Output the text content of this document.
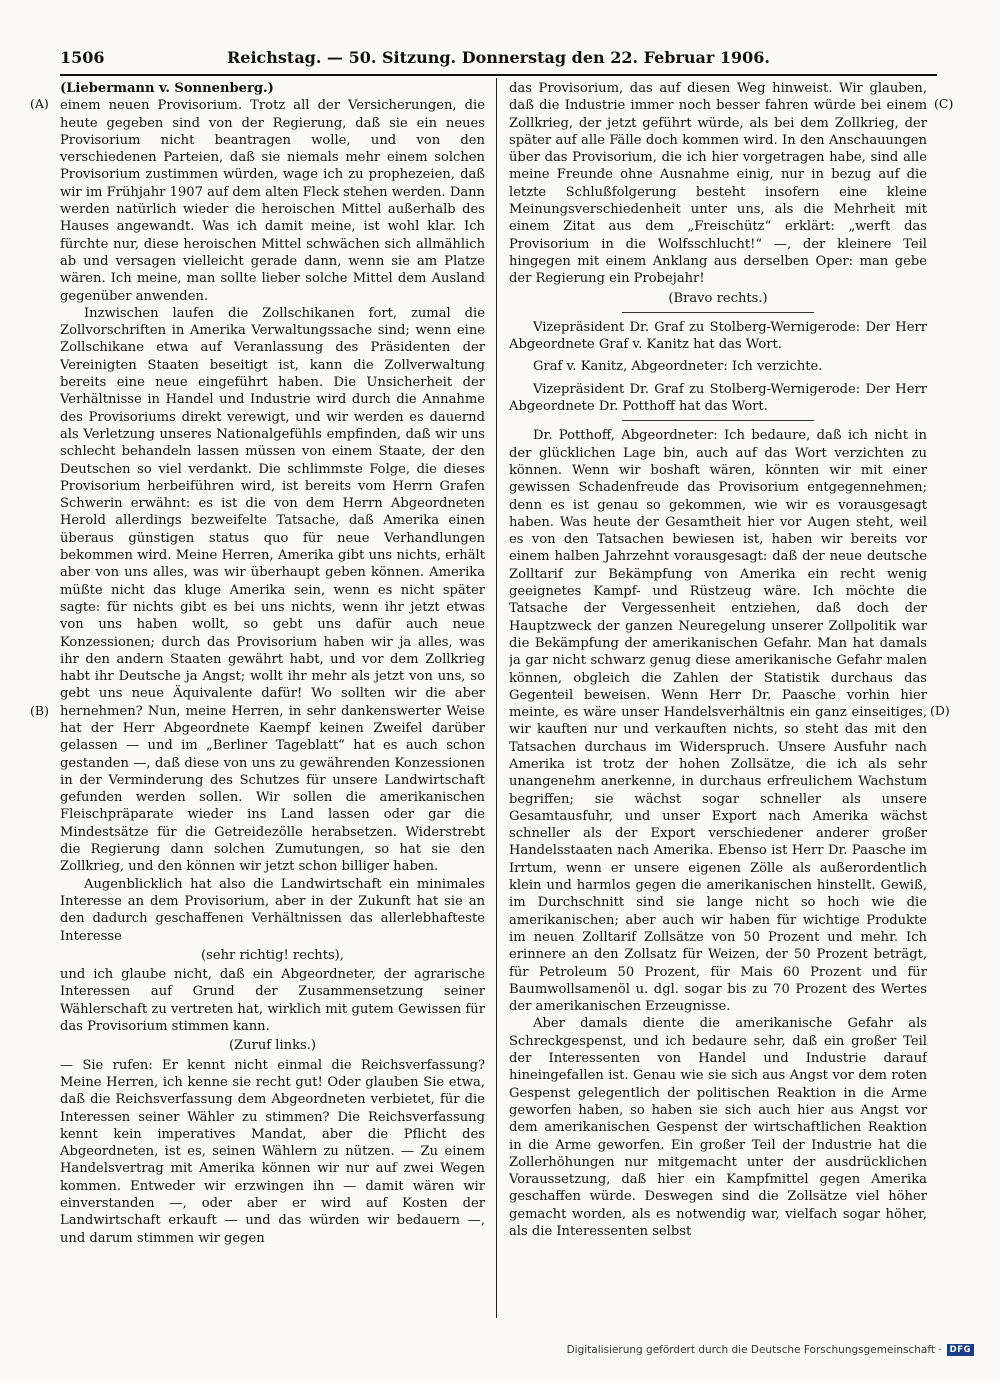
1506	Reichstag. — 50. Sitzung. Donnerstag den 22. Februar 1906.
(A)
(B)
(C)
(D)

(Liebermann v. Sonnenberg.)

einem neuen Provisorium. Trotz all der Versicherungen, die heute gegeben sind von der Regierung, daß sie ein neues Provisorium nicht beantragen wolle, und von den verschiedenen Parteien, daß sie niemals mehr einem solchen Provisorium zustimmen würden, wage ich zu prophezeien, daß wir im Frühjahr 1907 auf dem alten Fleck stehen werden. Dann werden natürlich wieder die heroischen Mittel außerhalb des Hauses angewandt. Was ich damit meine, ist wohl klar. Ich fürchte nur, diese heroischen Mittel schwächen sich allmählich ab und versagen vielleicht gerade dann, wenn sie am Platze wären. Ich meine, man sollte lieber solche Mittel dem Ausland gegenüber anwenden.

Inzwischen laufen die Zollschikanen fort, zumal die Zollvorschriften in Amerika Verwaltungssache sind; wenn eine Zollschikane etwa auf Veranlassung des Präsidenten der Vereinigten Staaten beseitigt ist, kann die Zollverwaltung bereits eine neue eingeführt haben. Die Unsicherheit der Verhältnisse in Handel und Industrie wird durch die Annahme des Provisoriums direkt verewigt, und wir werden es dauernd als Verletzung unseres Nationalgefühls empfinden, daß wir uns schlecht behandeln lassen müssen von einem Staate, der den Deutschen so viel verdankt. Die schlimmste Folge, die dieses Provisorium herbeiführen wird, ist bereits vom Herrn Grafen Schwerin erwähnt: es ist die von dem Herrn Abgeordneten Herold allerdings bezweifelte Tatsache, daß Amerika einen überaus günstigen status quo für neue Verhandlungen bekommen wird. Meine Herren, Amerika gibt uns nichts, erhält aber von uns alles, was wir überhaupt geben können. Amerika müßte nicht das kluge Amerika sein, wenn es nicht später sagte: für nichts gibt es bei uns nichts, wenn ihr jetzt etwas von uns haben wollt, so gebt uns dafür auch neue Konzessionen; durch das Provisorium haben wir ja alles, was ihr den andern Staaten gewährt habt, und vor dem Zollkrieg habt ihr Deutsche ja Angst; wollt ihr mehr als jetzt von uns, so gebt uns neue Äquivalente dafür! Wo sollten wir die aber hernehmen? Nun, meine Herren, in sehr dankenswerter Weise hat der Herr Abgeordnete Kaempf keinen Zweifel darüber gelassen — und im „Berliner Tageblatt“ hat es auch schon gestanden —, daß diese von uns zu gewährenden Konzessionen in der Verminderung des Schutzes für unsere Landwirtschaft gefunden werden sollen. Wir sollen die amerikanischen Fleischpräparate wieder ins Land lassen oder gar die Mindestsätze für die Getreidezölle herabsetzen. Widerstrebt die Regierung dann solchen Zumutungen, so hat sie den Zollkrieg, und den können wir jetzt schon billiger haben.

Augenblicklich hat also die Landwirtschaft ein minimales Interesse an dem Provisorium, aber in der Zukunft hat sie an den dadurch geschaffenen Verhältnissen das allerlebhafteste Interesse

(sehr richtig! rechts),

und ich glaube nicht, daß ein Abgeordneter, der agrarische Interessen auf Grund der Zusammensetzung seiner Wählerschaft zu vertreten hat, wirklich mit gutem Gewissen für das Provisorium stimmen kann.

(Zuruf links.)

— Sie rufen: Er kennt nicht einmal die Reichsverfassung? Meine Herren, ich kenne sie recht gut! Oder glauben Sie etwa, daß die Reichsverfassung dem Abgeordneten verbietet, für die Interessen seiner Wähler zu stimmen? Die Reichsverfassung kennt kein imperatives Mandat, aber die Pflicht des Abgeordneten, ist es, seinen Wählern zu nützen. — Zu einem Handelsvertrag mit Amerika können wir nur auf zwei Wegen kommen. Entweder wir erzwingen ihn — damit wären wir einverstanden —, oder aber er wird auf Kosten der Landwirtschaft erkauft — und das würden wir bedauern —, und darum stimmen wir gegen

das Provisorium, das auf diesen Weg hinweist. Wir glauben, daß die Industrie immer noch besser fahren würde bei einem Zollkrieg, der jetzt geführt würde, als bei dem Zollkrieg, der später auf alle Fälle doch kommen wird. In den Anschauungen über das Provisorium, die ich hier vorgetragen habe, sind alle meine Freunde ohne Ausnahme einig, nur in bezug auf die letzte Schlußfolgerung besteht insofern eine kleine Meinungsverschiedenheit unter uns, als die Mehrheit mit einem Zitat aus dem „Freischütz“ erklärt: „werft das Provisorium in die Wolfsschlucht!“ —, der kleinere Teil hingegen mit einem Anklang aus derselben Oper: man gebe der Regierung ein Probejahr!

(Bravo rechts.)

Vizepräsident Dr. Graf zu Stolberg-Wernigerode: Der Herr Abgeordnete Graf v. Kanitz hat das Wort.

Graf v. Kanitz, Abgeordneter: Ich verzichte.

Vizepräsident Dr. Graf zu Stolberg-Wernigerode: Der Herr Abgeordnete Dr. Potthoff hat das Wort.

Dr. Potthoff, Abgeordneter: Ich bedaure, daß ich nicht in der glücklichen Lage bin, auch auf das Wort verzichten zu können. Wenn wir boshaft wären, könnten wir mit einer gewissen Schadenfreude das Provisorium entgegennehmen; denn es ist genau so gekommen, wie wir es vorausgesagt haben. Was heute der Gesamtheit hier vor Augen steht, weil es von den Tatsachen bewiesen ist, haben wir bereits vor einem halben Jahrzehnt vorausgesagt: daß der neue deutsche Zolltarif zur Bekämpfung von Amerika ein recht wenig geeignetes Kampf- und Rüstzeug wäre. Ich möchte die Tatsache der Vergessenheit entziehen, daß doch der Hauptzweck der ganzen Neuregelung unserer Zollpolitik war die Bekämpfung der amerikanischen Gefahr. Man hat damals ja gar nicht schwarz genug diese amerikanische Gefahr malen können, obgleich die Zahlen der Statistik durchaus das Gegenteil beweisen. Wenn Herr Dr. Paasche vorhin hier meinte, es wäre unser Handelsverhältnis ein ganz einseitiges, wir kauften nur und verkauften nichts, so steht das mit den Tatsachen durchaus im Widerspruch. Unsere Ausfuhr nach Amerika ist trotz der hohen Zollsätze, die ich als sehr unangenehm anerkenne, in durchaus erfreulichem Wachstum begriffen; sie wächst sogar schneller als unsere Gesamtausfuhr, und unser Export nach Amerika wächst schneller als der Export verschiedener anderer großer Handelsstaaten nach Amerika. Ebenso ist Herr Dr. Paasche im Irrtum, wenn er unsere eigenen Zölle als außerordentlich klein und harmlos gegen die amerikanischen hinstellt. Gewiß, im Durchschnitt sind sie lange nicht so hoch wie die amerikanischen; aber auch wir haben für wichtige Produkte im neuen Zolltarif Zollsätze von 50 Prozent und mehr. Ich erinnere an den Zollsatz für Weizen, der 50 Prozent beträgt, für Petroleum 50 Prozent, für Mais 60 Prozent und für Baumwollsamenöl u. dgl. sogar bis zu 70 Prozent des Wertes der amerikanischen Erzeugnisse.

Aber damals diente die amerikanische Gefahr als Schreckgespenst, und ich bedaure sehr, daß ein großer Teil der Interessenten von Handel und Industrie darauf hineingefallen ist. Genau wie sie sich aus Angst vor dem roten Gespenst gelegentlich der politischen Reaktion in die Arme geworfen haben, so haben sie sich auch hier aus Angst vor dem amerikanischen Gespenst der wirtschaftlichen Reaktion in die Arme geworfen. Ein großer Teil der Industrie hat die Zollerhöhungen nur mitgemacht unter der ausdrücklichen Voraussetzung, daß hier ein Kampfmittel gegen Amerika geschaffen würde. Deswegen sind die Zollsätze viel höher gemacht worden, als es notwendig war, vielfach sogar höher, als die Interessenten selbst

Digitalisierung gefördert durch die Deutsche Forschungsgemeinschaft · DFG
